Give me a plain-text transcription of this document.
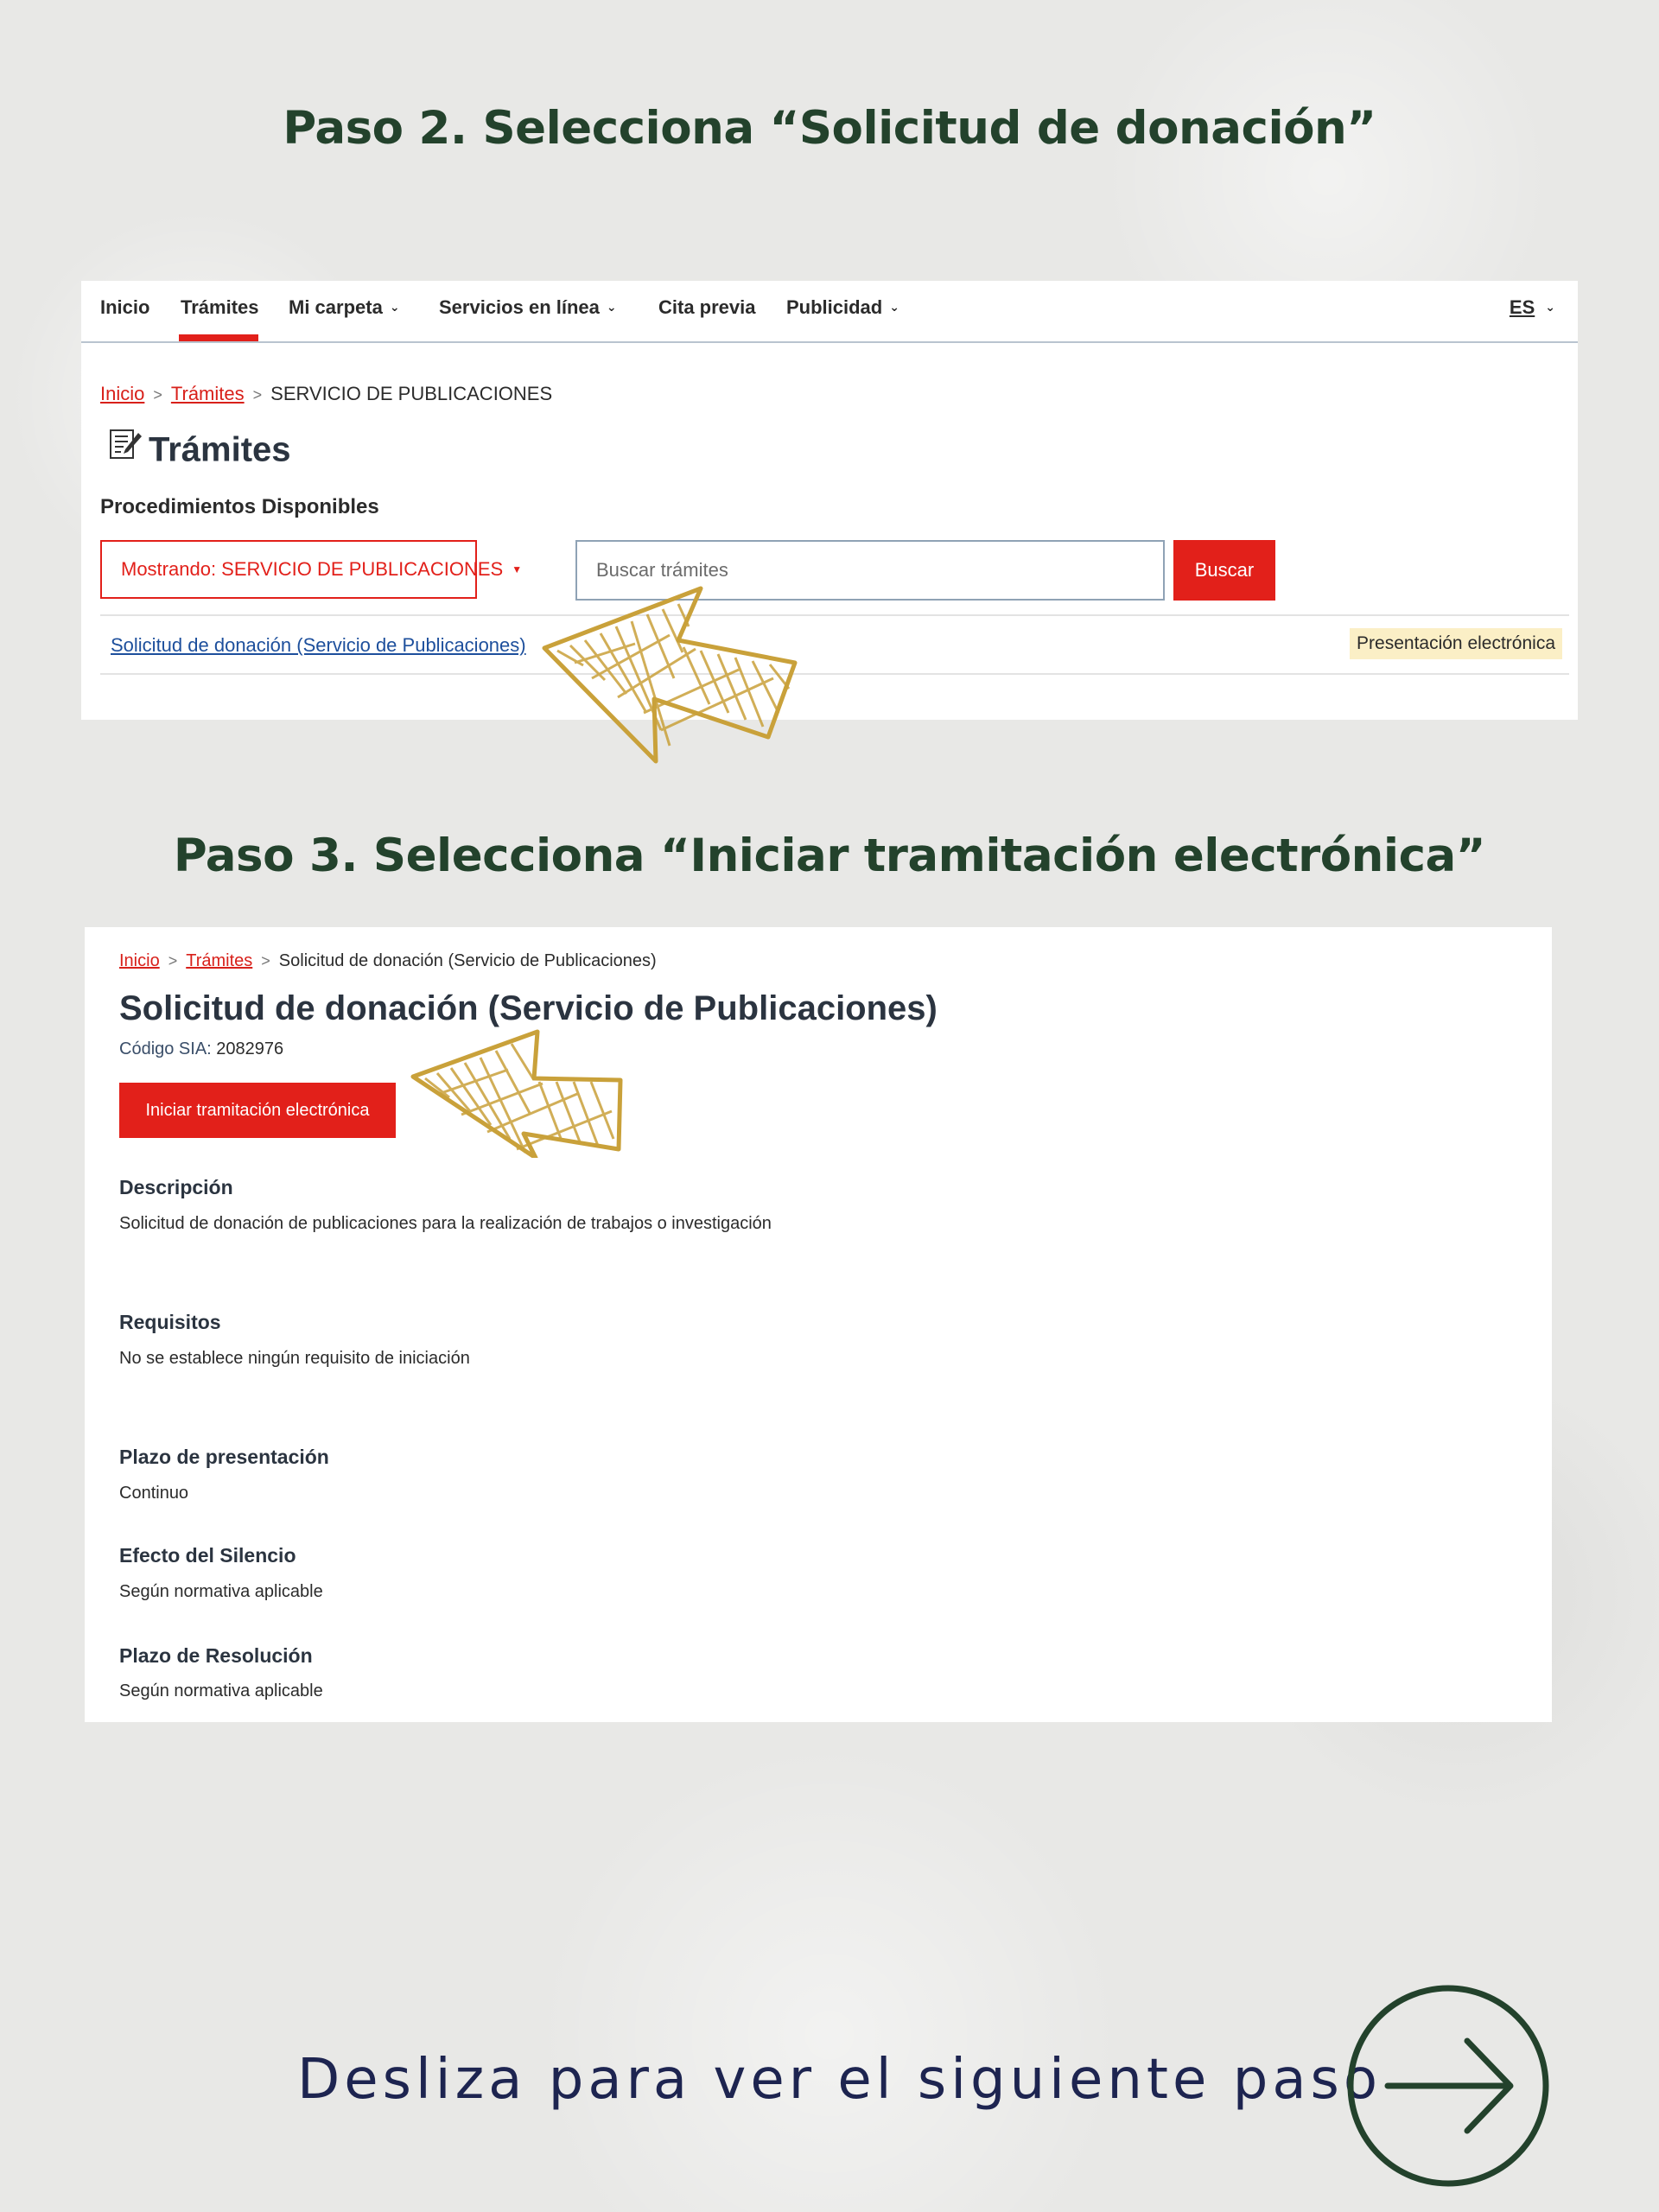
Paso 2. Selecciona “Solicitud de donación”
Inicio Trámites Mi carpeta ⌄ Servicios en línea ⌄ Cita previa Publicidad ⌄	ES ⌄
Inicio > Trámites > SERVICIO DE PUBLICACIONES
Trámites
Procedimientos Disponibles
Mostrando: SERVICIO DE PUBLICACIONES ▼
Buscar trámites	Buscar
Solicitud de donación (Servicio de Publicaciones)	Presentación electrónica
Paso 3. Selecciona “Iniciar tramitación electrónica”
Inicio > Trámites > Solicitud de donación (Servicio de Publicaciones)
Solicitud de donación (Servicio de Publicaciones)
Código SIA: 2082976
Iniciar tramitación electrónica
Descripción
Solicitud de donación de publicaciones para la realización de trabajos o investigación
Requisitos
No se establece ningún requisito de iniciación
Plazo de presentación
Continuo
Efecto del Silencio
Según normativa aplicable
Plazo de Resolución
Según normativa aplicable
Desliza para ver el siguiente paso
